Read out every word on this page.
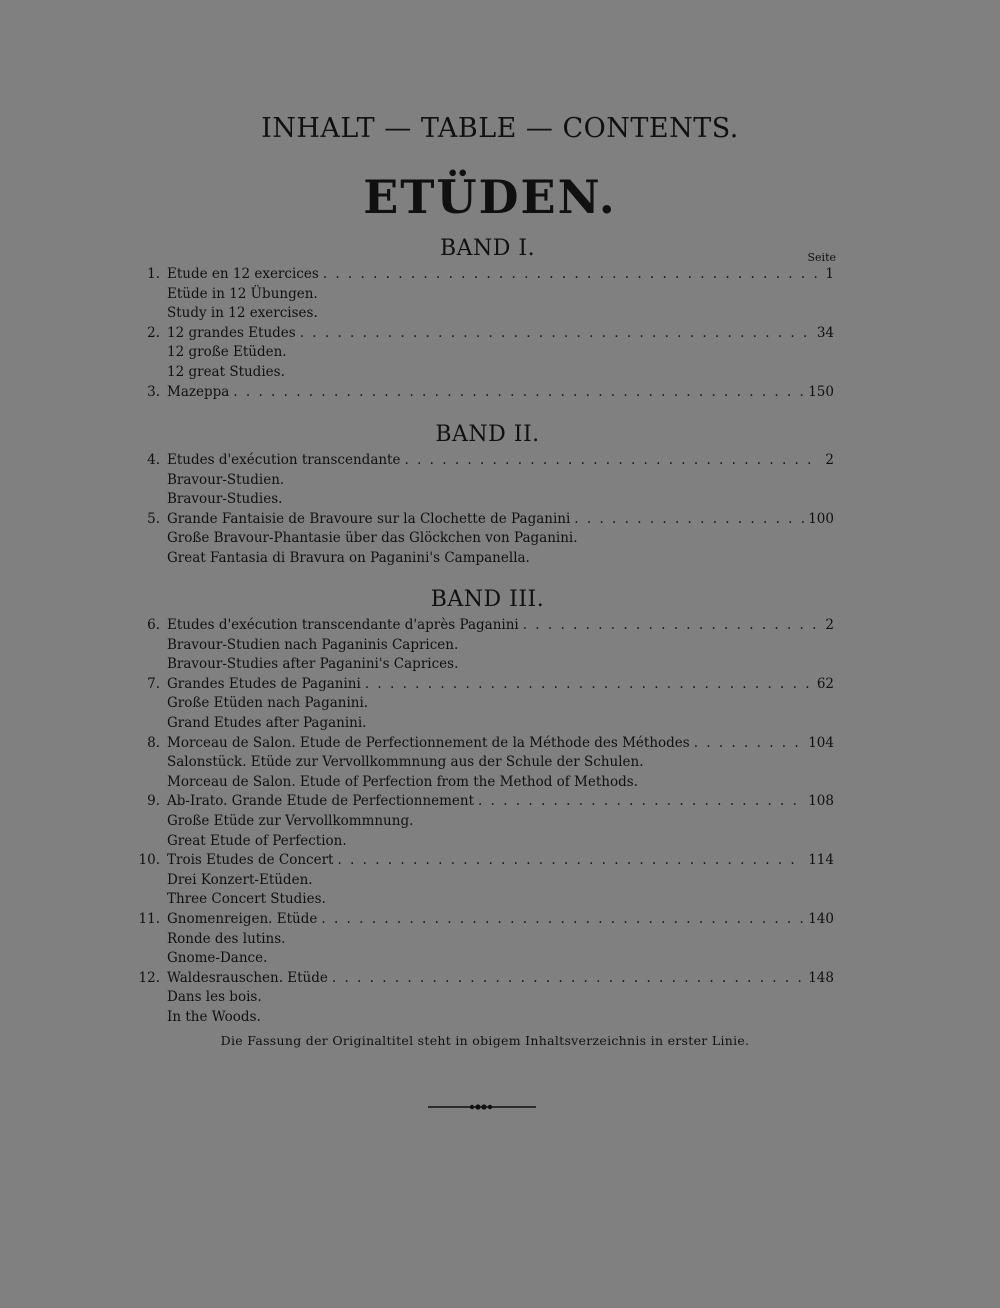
INHALT — TABLE — CONTENTS.
ETÜDEN.
BAND I.	Seite
BAND II.
BAND III.
1. Etude en 12 exercices . . .	1
Etüde in 12 Übungen.
Study in 12 exercises.
2. 12 grandes Etudes . . .	34
12 große Etüden.
12 great Studies.
3. Mazeppa . . .	150
4. Etudes d'exécution transcendante . . .	2
Bravour-Studien.
Bravour-Studies.
5. Grande Fantaisie de Bravoure sur la Clochette de Paganini . . .	100
Große Bravour-Phantasie über das Glöckchen von Paganini.
Great Fantasia di Bravura on Paganini's Campanella.
6. Etudes d'exécution transcendante d'après Paganini . . .	2
Bravour-Studien nach Paganinis Capricen.
Bravour-Studies after Paganini's Caprices.
7. Grandes Etudes de Paganini . . .	62
Große Etüden nach Paganini.
Grand Etudes after Paganini.
8. Morceau de Salon. Etude de Perfectionnement de la Méthode des Méthodes . . .	104
Salonstück. Etüde zur Vervollkommnung aus der Schule der Schulen.
Morceau de Salon. Etude of Perfection from the Method of Methods.
9. Ab-Irato. Grande Etude de Perfectionnement . . .	108
Große Etüde zur Vervollkommnung.
Great Etude of Perfection.
10. Trois Etudes de Concert . . .	114
Drei Konzert-Etüden.
Three Concert Studies.
11. Gnomenreigen. Etüde . . .	140
Ronde des lutins.
Gnome-Dance.
12. Waldesrauschen. Etüde . . .	148
Dans les bois.
In the Woods.
Die Fassung der Originaltitel steht in obigem Inhaltsverzeichnis in erster Linie.
